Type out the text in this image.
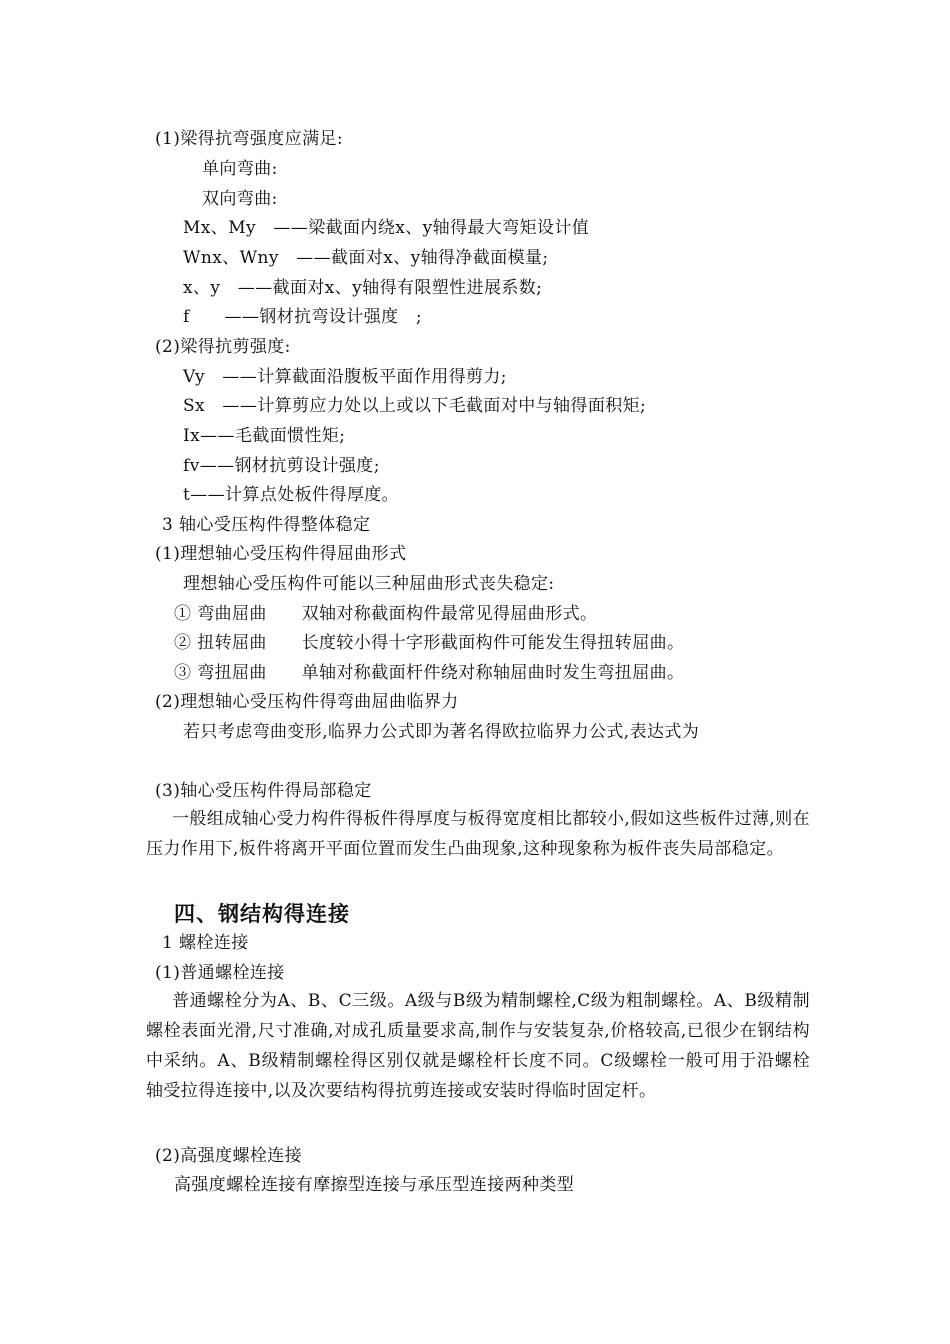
(1)梁得抗弯强度应满足:
单向弯曲:
双向弯曲:
Mx、My　——梁截面内绕x、y轴得最大弯矩设计值
Wnx、Wny　——截面对x、y轴得净截面模量;
x、y　——截面对x、y轴得有限塑性进展系数;
f　　——钢材抗弯设计强度　;
(2)梁得抗剪强度:
Vy　——计算截面沿腹板平面作用得剪力;
Sx　——计算剪应力处以上或以下毛截面对中与轴得面积矩;
Ix——毛截面惯性矩;
fv——钢材抗剪设计强度;
t——计算点处板件得厚度。
3 轴心受压构件得整体稳定
(1)理想轴心受压构件得屈曲形式
理想轴心受压构件可能以三种屈曲形式丧失稳定:
① 弯曲屈曲　　双轴对称截面构件最常见得屈曲形式。
② 扭转屈曲　　长度较小得十字形截面构件可能发生得扭转屈曲。
③ 弯扭屈曲　　单轴对称截面杆件绕对称轴屈曲时发生弯扭屈曲。
(2)理想轴心受压构件得弯曲屈曲临界力
若只考虑弯曲变形,临界力公式即为著名得欧拉临界力公式,表达式为
(3)轴心受压构件得局部稳定
一般组成轴心受力构件得板件得厚度与板得宽度相比都较小,假如这些板件过薄,则在压力作用下,板件将离开平面位置而发生凸曲现象,这种现象称为板件丧失局部稳定。
四、钢结构得连接
1 螺栓连接
(1)普通螺栓连接
普通螺栓分为A、B、C三级。A级与B级为精制螺栓,C级为粗制螺栓。A、B级精制螺栓表面光滑,尺寸准确,对成孔质量要求高,制作与安装复杂,价格较高,已很少在钢结构中采纳。A、B级精制螺栓得区别仅就是螺栓杆长度不同。C级螺栓一般可用于沿螺栓轴受拉得连接中,以及次要结构得抗剪连接或安装时得临时固定杆。
(2)高强度螺栓连接
高强度螺栓连接有摩擦型连接与承压型连接两种类型
